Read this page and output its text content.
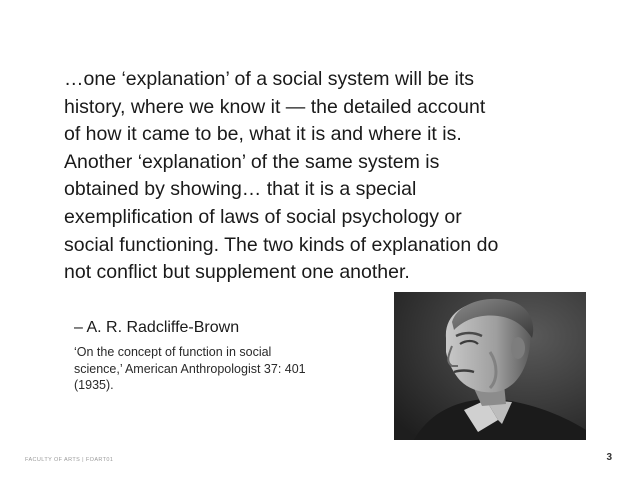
…one ‘explanation’ of a social system will be its
history, where we know it — the detailed account
of how it came to be, what it is and where it is.
Another ‘explanation’ of the same system is
obtained by showing… that it is a special
exemplification of laws of social psychology or
social functioning. The two kinds of explanation do
not conflict but supplement one another.
– A. R. Radcliffe-Brown
‘On the concept of function in social
science,’ American Anthropologist 37: 401
(1935).
FACULTY OF ARTS | FOART01	3
